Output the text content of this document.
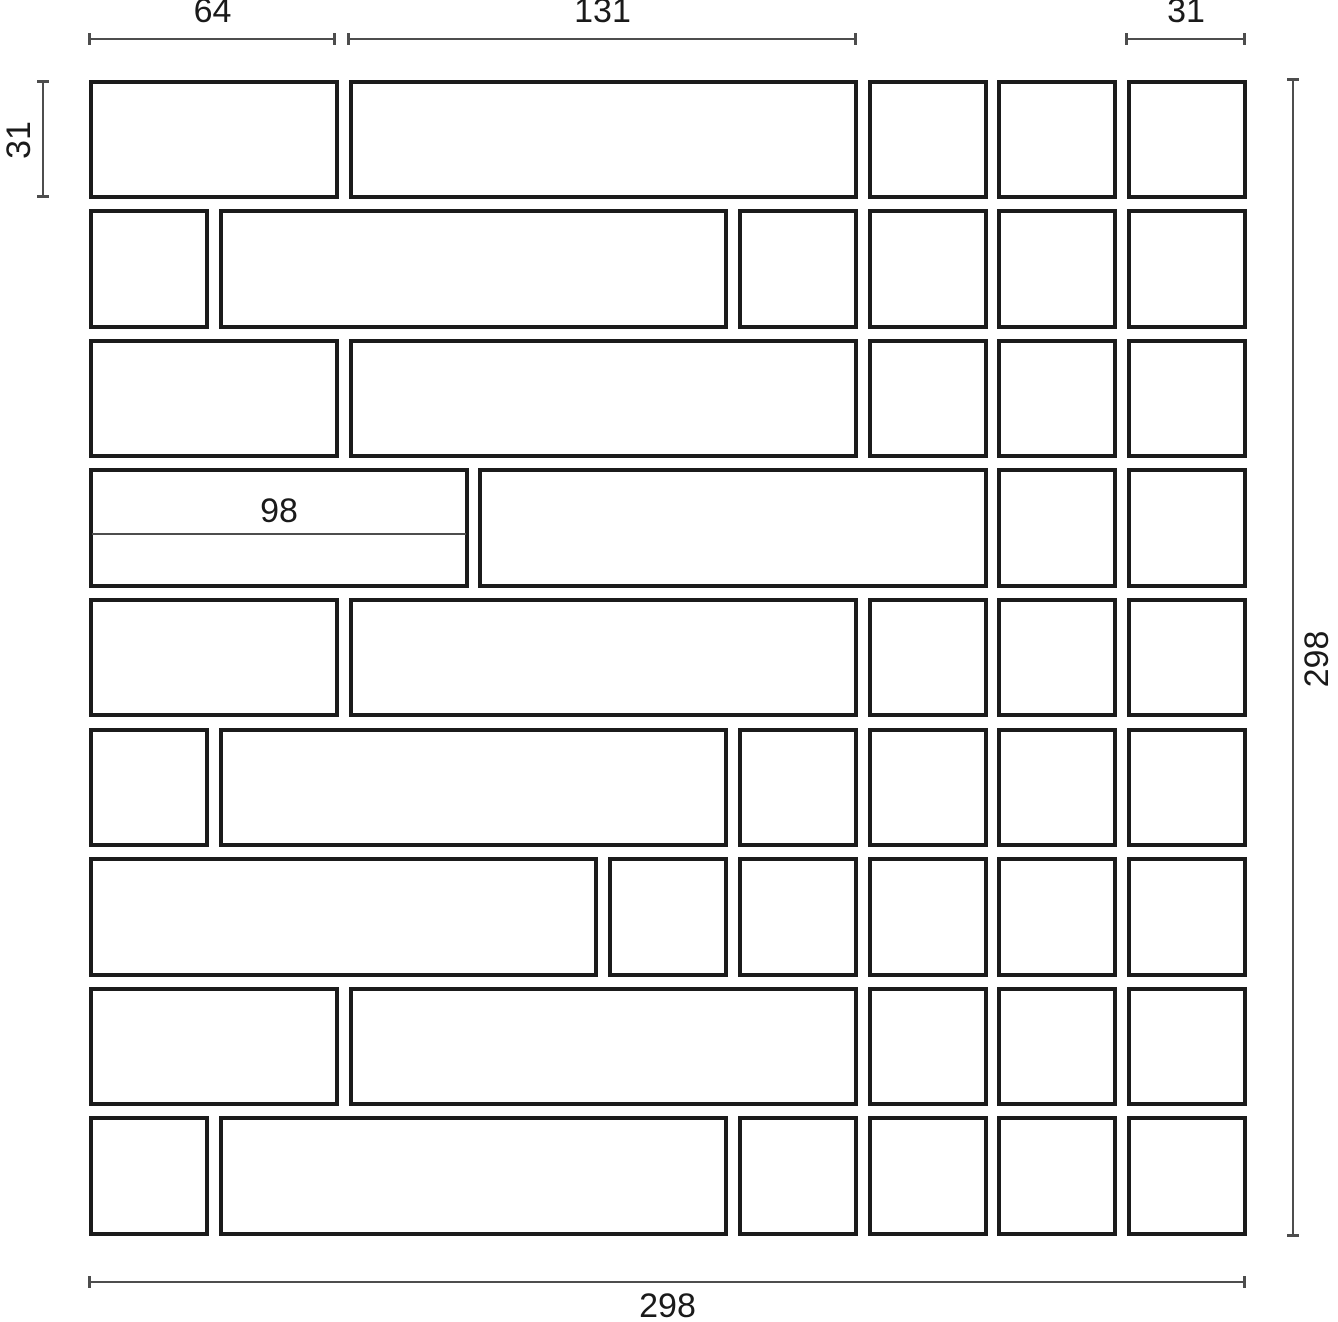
64	131	31
31
298
298
98
